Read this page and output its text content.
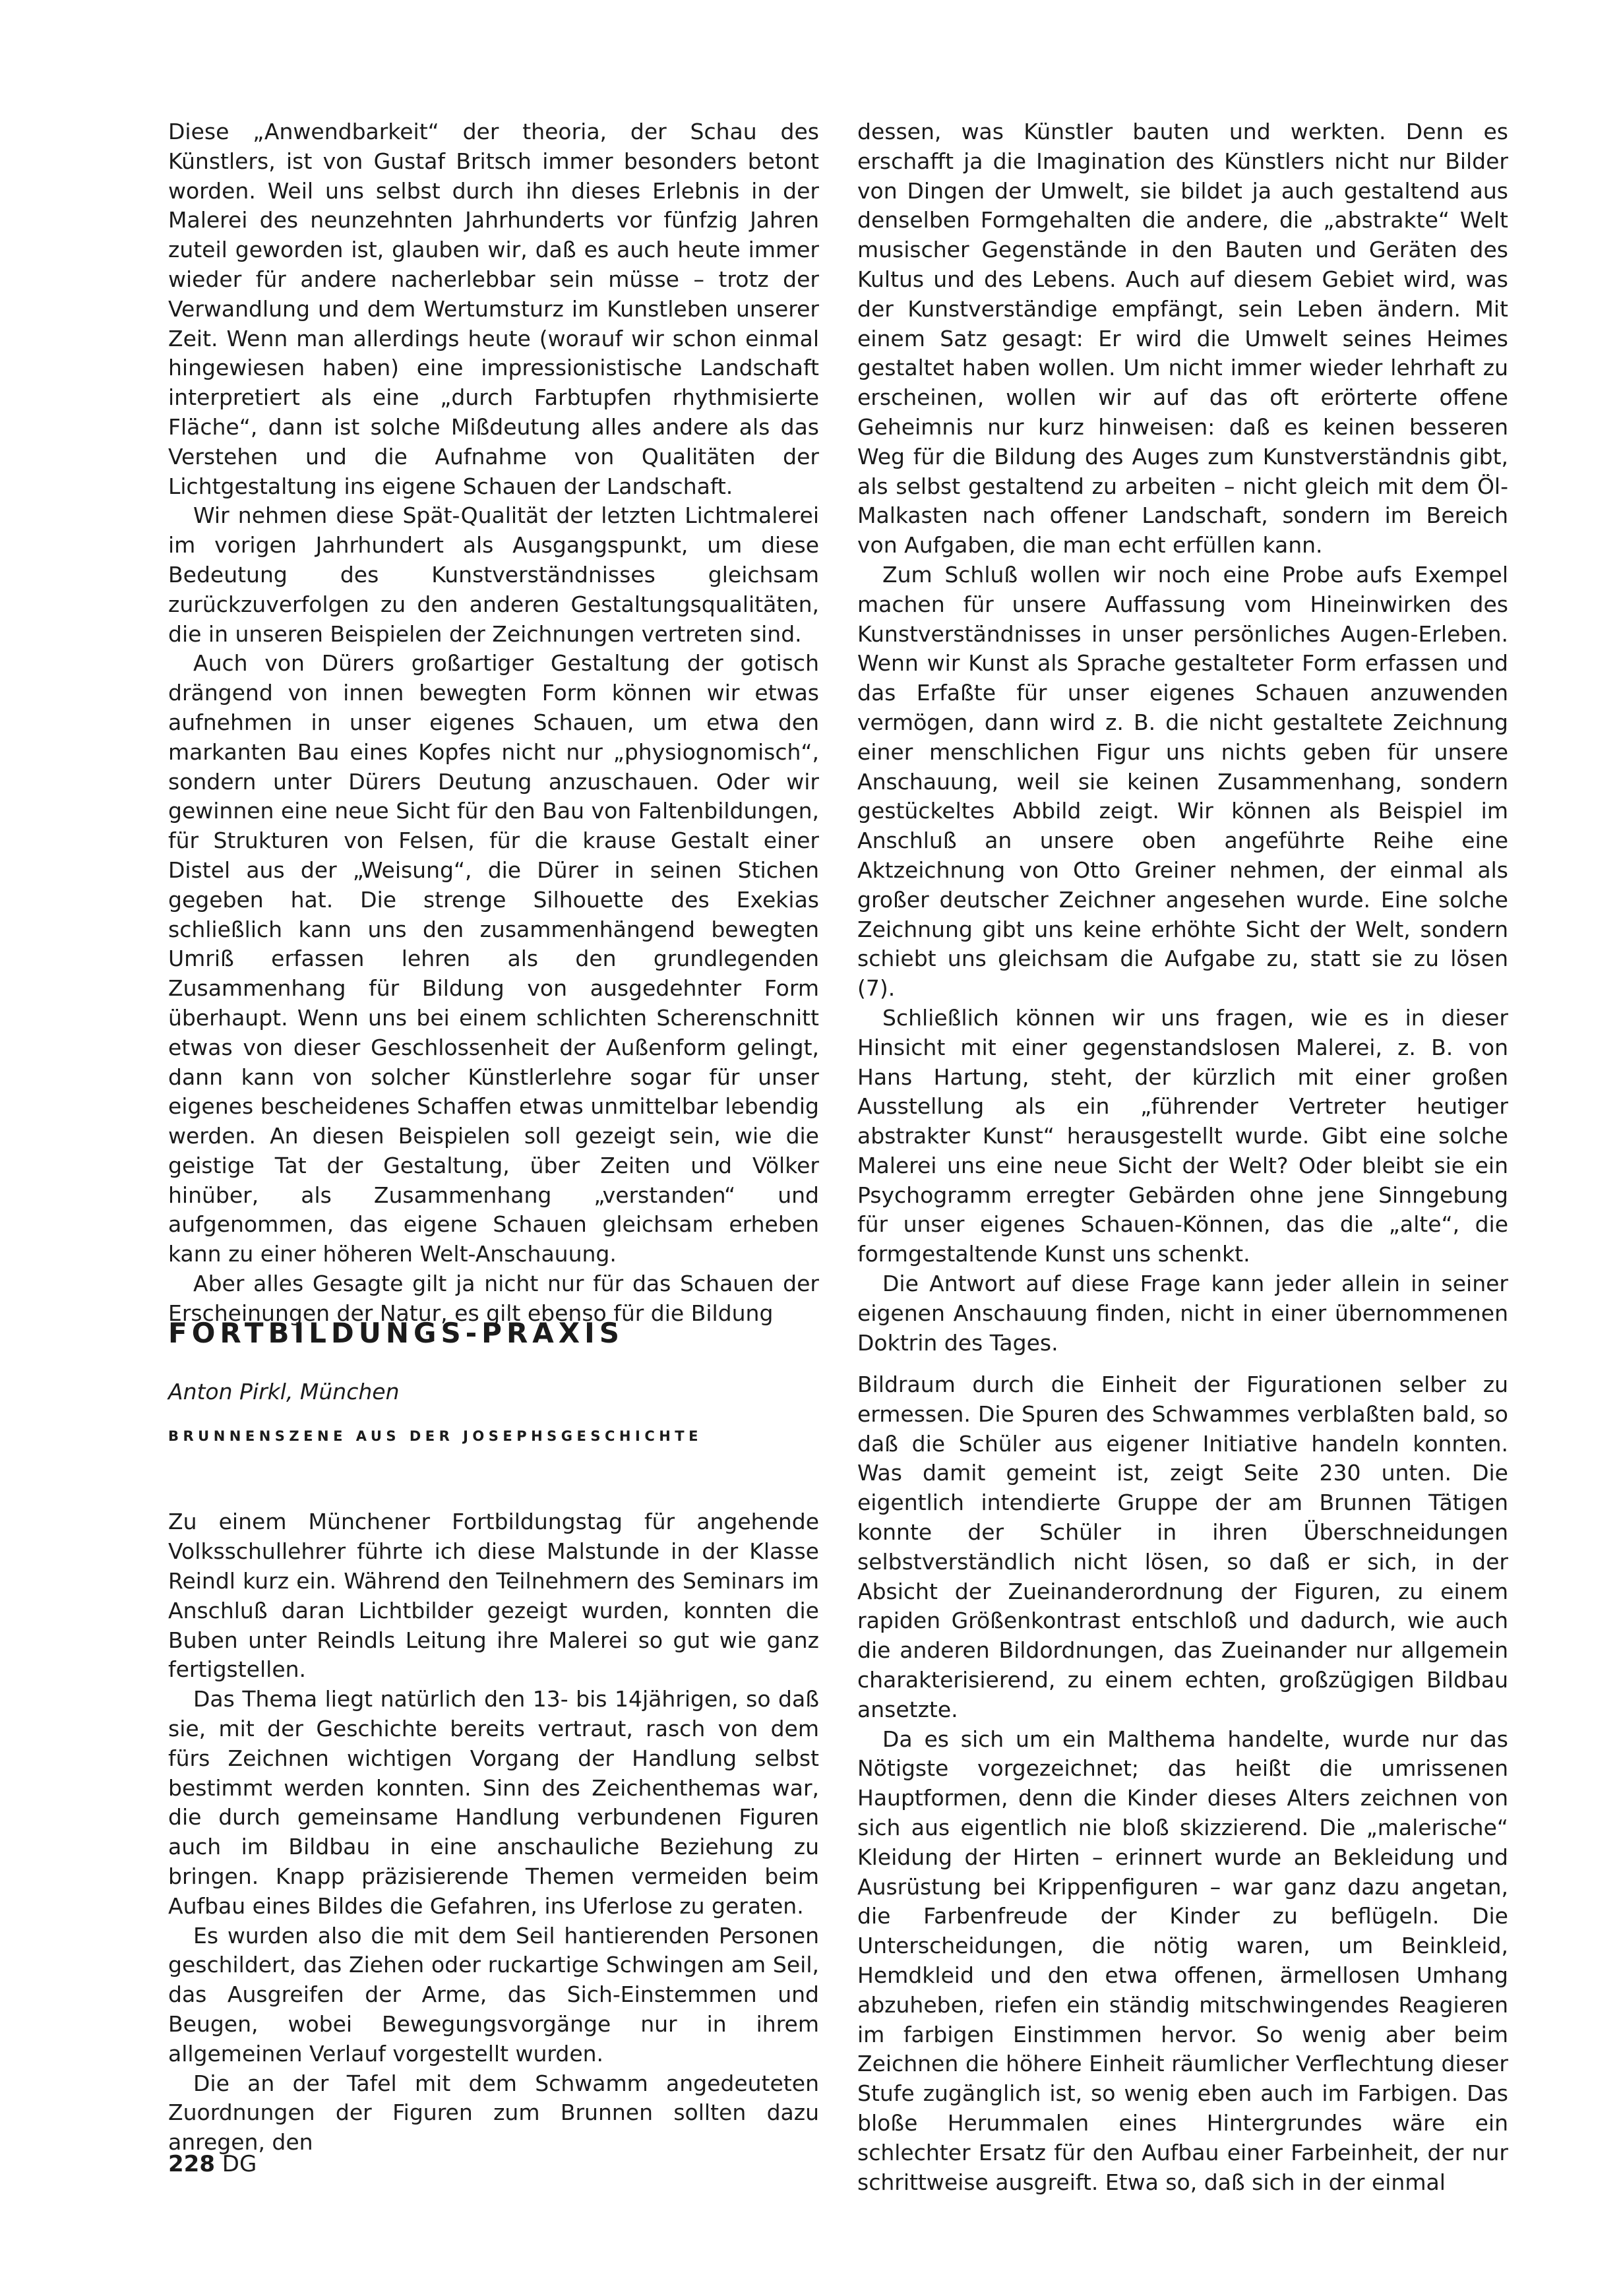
Diese „Anwendbarkeit“ der theoria, der Schau des Künstlers, ist von Gustaf Britsch immer besonders betont worden. Weil uns selbst durch ihn dieses Erlebnis in der Malerei des neunzehnten Jahrhunderts vor fünfzig Jahren zuteil geworden ist, glauben wir, daß es auch heute immer wieder für andere nacherlebbar sein müsse – trotz der Verwandlung und dem Wertumsturz im Kunstleben unserer Zeit. Wenn man allerdings heute (worauf wir schon einmal hingewiesen haben) eine impressionistische Landschaft interpretiert als eine „durch Farbtupfen rhythmisierte Fläche“, dann ist solche Mißdeutung alles andere als das Verstehen und die Aufnahme von Qualitäten der Lichtgestaltung ins eigene Schauen der Landschaft.

Wir nehmen diese Spät-Qualität der letzten Lichtmalerei im vorigen Jahrhundert als Ausgangspunkt, um diese Bedeutung des Kunstverständnisses gleichsam zurückzuverfolgen zu den anderen Gestaltungsqualitäten, die in unseren Beispielen der Zeichnungen vertreten sind.

Auch von Dürers großartiger Gestaltung der gotisch drängend von innen bewegten Form können wir etwas aufnehmen in unser eigenes Schauen, um etwa den markanten Bau eines Kopfes nicht nur „physiognomisch“, sondern unter Dürers Deutung anzuschauen. Oder wir gewinnen eine neue Sicht für den Bau von Faltenbildungen, für Strukturen von Felsen, für die krause Gestalt einer Distel aus der „Weisung“, die Dürer in seinen Stichen gegeben hat. Die strenge Silhouette des Exekias schließlich kann uns den zusammenhängend bewegten Umriß erfassen lehren als den grundlegenden Zusammenhang für Bildung von ausgedehnter Form überhaupt. Wenn uns bei einem schlichten Scherenschnitt etwas von dieser Geschlossenheit der Außenform gelingt, dann kann von solcher Künstlerlehre sogar für unser eigenes bescheidenes Schaffen etwas unmittelbar lebendig werden. An diesen Beispielen soll gezeigt sein, wie die geistige Tat der Gestaltung, über Zeiten und Völker hinüber, als Zusammenhang „verstanden“ und aufgenommen, das eigene Schauen gleichsam erheben kann zu einer höheren Welt-Anschauung.

Aber alles Gesagte gilt ja nicht nur für das Schauen der Erscheinungen der Natur, es gilt ebenso für die Bildung

dessen, was Künstler bauten und werkten. Denn es erschafft ja die Imagination des Künstlers nicht nur Bilder von Dingen der Umwelt, sie bildet ja auch gestaltend aus denselben Formgehalten die andere, die „abstrakte“ Welt musischer Gegenstände in den Bauten und Geräten des Kultus und des Lebens. Auch auf diesem Gebiet wird, was der Kunstverständige empfängt, sein Leben ändern. Mit einem Satz gesagt: Er wird die Umwelt seines Heimes gestaltet haben wollen. Um nicht immer wieder lehrhaft zu erscheinen, wollen wir auf das oft erörterte offene Geheimnis nur kurz hinweisen: daß es keinen besseren Weg für die Bildung des Auges zum Kunstverständnis gibt, als selbst gestaltend zu arbeiten – nicht gleich mit dem Öl-Malkasten nach offener Landschaft, sondern im Bereich von Aufgaben, die man echt erfüllen kann.

Zum Schluß wollen wir noch eine Probe aufs Exempel machen für unsere Auffassung vom Hineinwirken des Kunstverständnisses in unser persönliches Augen-Erleben. Wenn wir Kunst als Sprache gestalteter Form erfassen und das Erfaßte für unser eigenes Schauen anzuwenden vermögen, dann wird z. B. die nicht gestaltete Zeichnung einer menschlichen Figur uns nichts geben für unsere Anschauung, weil sie keinen Zusammenhang, sondern gestückeltes Abbild zeigt. Wir können als Beispiel im Anschluß an unsere oben angeführte Reihe eine Aktzeichnung von Otto Greiner nehmen, der einmal als großer deutscher Zeichner angesehen wurde. Eine solche Zeichnung gibt uns keine erhöhte Sicht der Welt, sondern schiebt uns gleichsam die Aufgabe zu, statt sie zu lösen (7).

Schließlich können wir uns fragen, wie es in dieser Hinsicht mit einer gegenstandslosen Malerei, z. B. von Hans Hartung, steht, der kürzlich mit einer großen Ausstellung als ein „führender Vertreter heutiger abstrakter Kunst“ herausgestellt wurde. Gibt eine solche Malerei uns eine neue Sicht der Welt? Oder bleibt sie ein Psychogramm erregter Gebärden ohne jene Sinngebung für unser eigenes Schauen-Können, das die „alte“, die formgestaltende Kunst uns schenkt.

Die Antwort auf diese Frage kann jeder allein in seiner eigenen Anschauung finden, nicht in einer übernommenen Doktrin des Tages.

FORTBILDUNGS-PRAXIS
Anton Pirkl, München
BRUNNENSZENE AUS DER JOSEPHSGESCHICHTE

Zu einem Münchener Fortbildungstag für angehende Volksschullehrer führte ich diese Malstunde in der Klasse Reindl kurz ein. Während den Teilnehmern des Seminars im Anschluß daran Lichtbilder gezeigt wurden, konnten die Buben unter Reindls Leitung ihre Malerei so gut wie ganz fertigstellen.

Das Thema liegt natürlich den 13- bis 14jährigen, so daß sie, mit der Geschichte bereits vertraut, rasch von dem fürs Zeichnen wichtigen Vorgang der Handlung selbst bestimmt werden konnten. Sinn des Zeichenthemas war, die durch gemeinsame Handlung verbundenen Figuren auch im Bildbau in eine anschauliche Beziehung zu bringen. Knapp präzisierende Themen vermeiden beim Aufbau eines Bildes die Gefahren, ins Uferlose zu geraten.

Es wurden also die mit dem Seil hantierenden Personen geschildert, das Ziehen oder ruckartige Schwingen am Seil, das Ausgreifen der Arme, das Sich-Einstemmen und Beugen, wobei Bewegungsvorgänge nur in ihrem allgemeinen Verlauf vorgestellt wurden.

Die an der Tafel mit dem Schwamm angedeuteten Zuordnungen der Figuren zum Brunnen sollten dazu anregen, den

Bildraum durch die Einheit der Figurationen selber zu ermessen. Die Spuren des Schwammes verblaßten bald, so daß die Schüler aus eigener Initiative handeln konnten. Was damit gemeint ist, zeigt Seite 230 unten. Die eigentlich intendierte Gruppe der am Brunnen Tätigen konnte der Schüler in ihren Überschneidungen selbstverständlich nicht lösen, so daß er sich, in der Absicht der Zueinanderordnung der Figuren, zu einem rapiden Größenkontrast entschloß und dadurch, wie auch die anderen Bildordnungen, das Zueinander nur allgemein charakterisierend, zu einem echten, großzügigen Bildbau ansetzte.

Da es sich um ein Malthema handelte, wurde nur das Nötigste vorgezeichnet; das heißt die umrissenen Hauptformen, denn die Kinder dieses Alters zeichnen von sich aus eigentlich nie bloß skizzierend. Die „malerische“ Kleidung der Hirten – erinnert wurde an Bekleidung und Ausrüstung bei Krippenfiguren – war ganz dazu angetan, die Farbenfreude der Kinder zu beflügeln. Die Unterscheidungen, die nötig waren, um Beinkleid, Hemdkleid und den etwa offenen, ärmellosen Umhang abzuheben, riefen ein ständig mitschwingendes Reagieren im farbigen Einstimmen hervor. So wenig aber beim Zeichnen die höhere Einheit räumlicher Verflechtung dieser Stufe zugänglich ist, so wenig eben auch im Farbigen. Das bloße Herummalen eines Hintergrundes wäre ein schlechter Ersatz für den Aufbau einer Farbeinheit, der nur schrittweise ausgreift. Etwa so, daß sich in der einmal

228 DG
